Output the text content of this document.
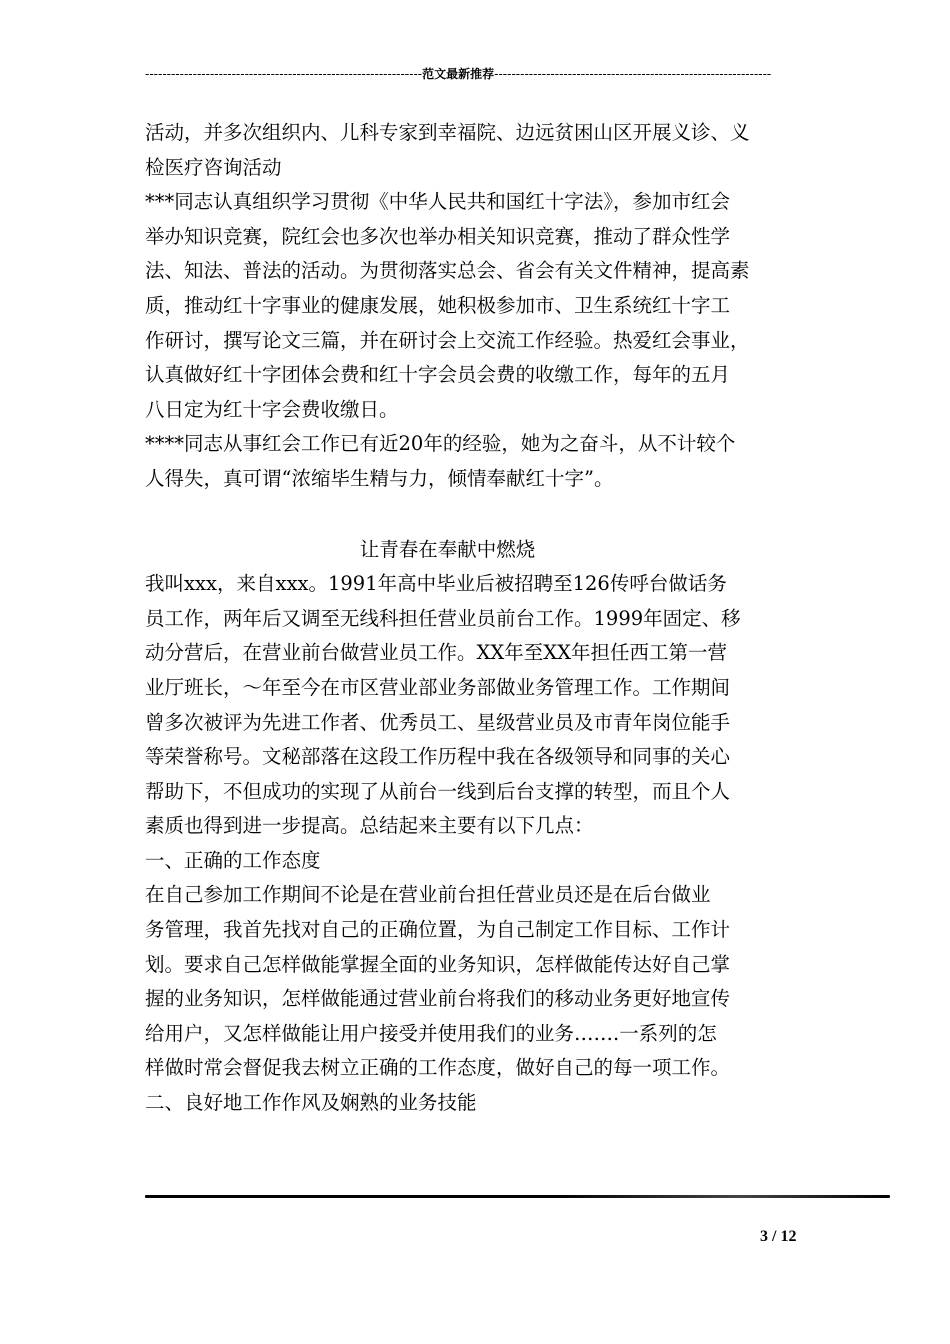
----------------------------------------------------------------范文最新推荐----------------------------------------------------------------
活动，并多次组织内、儿科专家到幸福院、边远贫困山区开展义诊、义
检医疗咨询活动
***同志认真组织学习贯彻《中华人民共和国红十字法》，参加市红会
举办知识竞赛，院红会也多次也举办相关知识竞赛，推动了群众性学
法、知法、普法的活动。为贯彻落实总会、省会有关文件精神，提高素
质，推动红十字事业的健康发展，她积极参加市、卫生系统红十字工
作研讨，撰写论文三篇，并在研讨会上交流工作经验。热爱红会事业，
认真做好红十字团体会费和红十字会员会费的收缴工作，每年的五月
八日定为红十字会费收缴日。
****同志从事红会工作已有近20年的经验，她为之奋斗，从不计较个
人得失，真可谓“浓缩毕生精与力，倾情奉献红十字”。
让青春在奉献中燃烧
我叫xxx，来自xxx。1991年高中毕业后被招聘至126传呼台做话务
员工作，两年后又调至无线科担任营业员前台工作。1999年固定、移
动分营后，在营业前台做营业员工作。XX年至XX年担任西工第一营
业厅班长，～年至今在市区营业部业务部做业务管理工作。工作期间
曾多次被评为先进工作者、优秀员工、星级营业员及市青年岗位能手
等荣誉称号。文秘部落在这段工作历程中我在各级领导和同事的关心
帮助下，不但成功的实现了从前台一线到后台支撑的转型，而且个人
素质也得到进一步提高。总结起来主要有以下几点：
一、正确的工作态度
在自己参加工作期间不论是在营业前台担任营业员还是在后台做业
务管理，我首先找对自己的正确位置，为自己制定工作目标、工作计
划。要求自己怎样做能掌握全面的业务知识，怎样做能传达好自己掌
握的业务知识，怎样做能通过营业前台将我们的移动业务更好地宣传
给用户，又怎样做能让用户接受并使用我们的业务…….一系列的怎
样做时常会督促我去树立正确的工作态度，做好自己的每一项工作。
二、良好地工作作风及娴熟的业务技能
3 / 12
